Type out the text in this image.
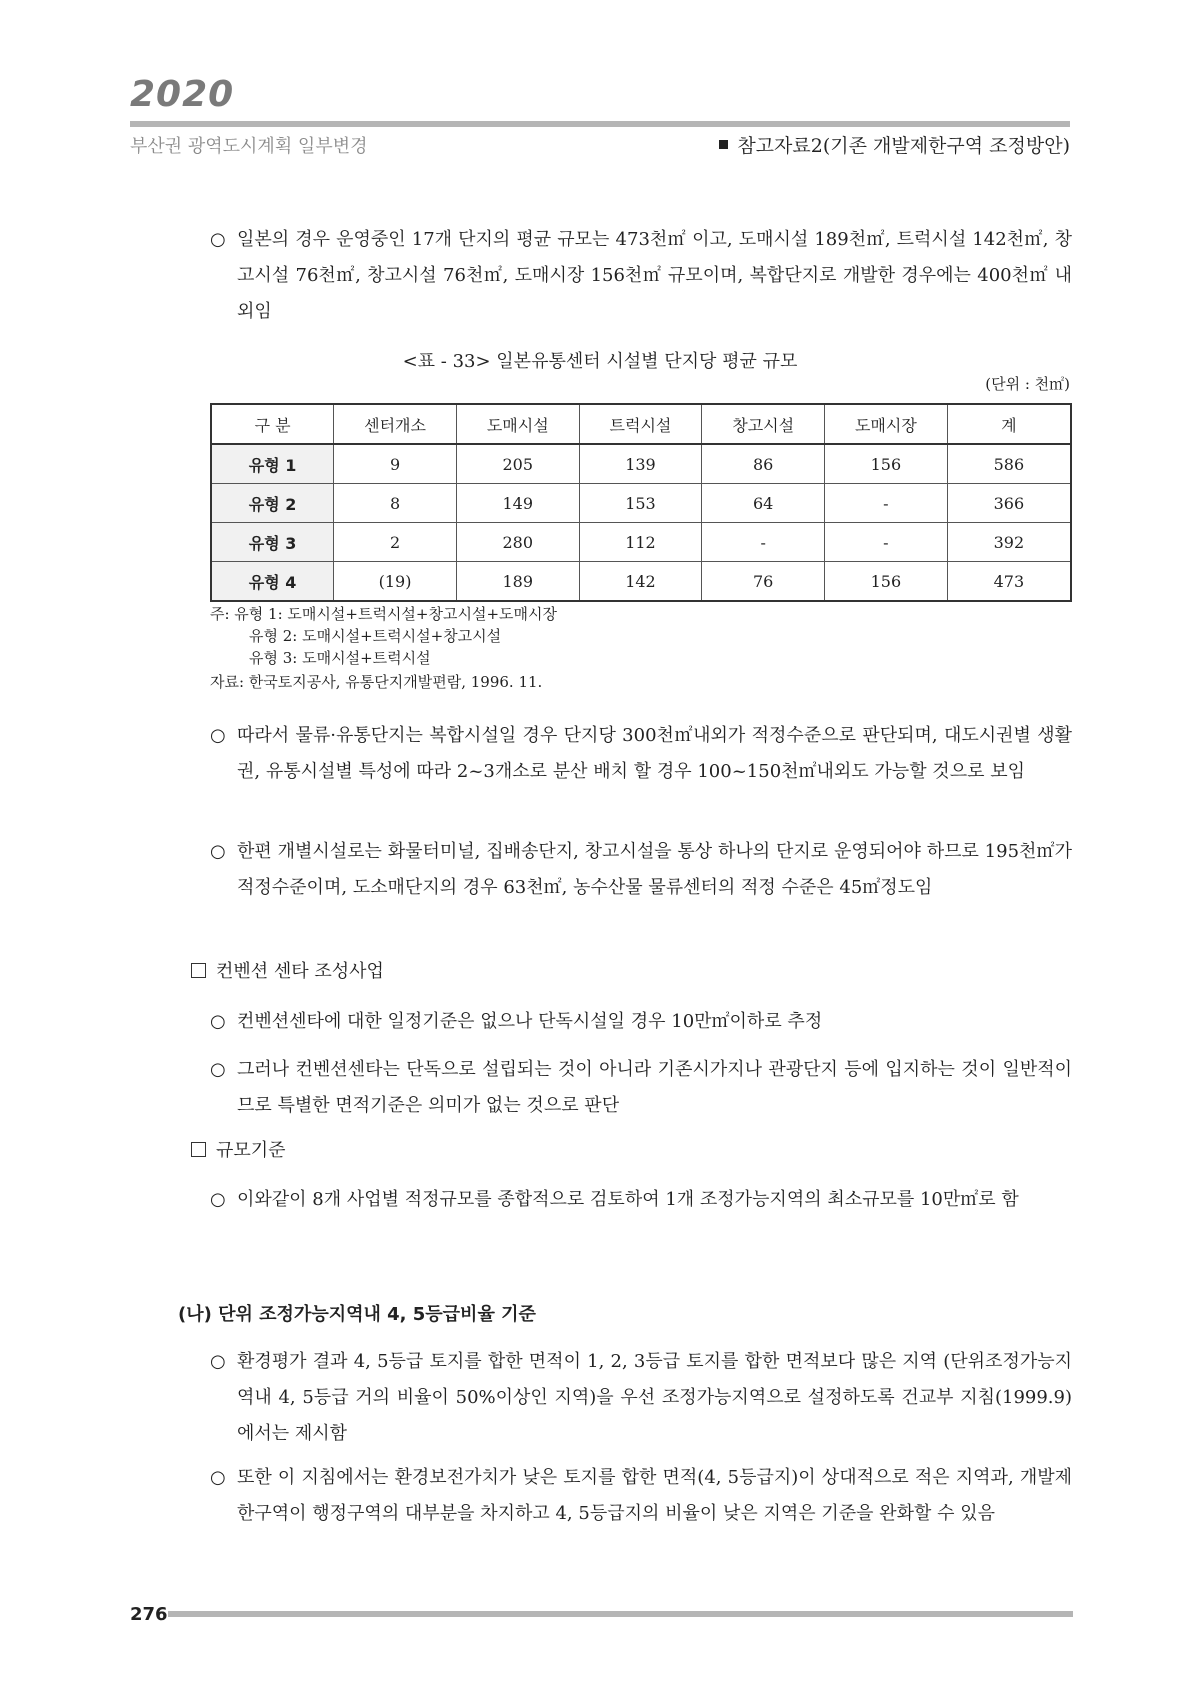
2020
부산권 광역도시계획 일부변경	참고자료2(기존 개발제한구역 조정방안)
○ 일본의 경우 운영중인 17개 단지의 평균 규모는 473천㎡ 이고, 도매시설 189천㎡, 트럭시설 142천㎡, 창고시설 76천㎡, 창고시설 76천㎡, 도매시장 156천㎡ 규모이며, 복합단지로 개발한 경우에는 400천㎡ 내외임
<표 - 33> 일본유통센터 시설별 단지당 평균 규모
(단위 : 천㎡)
구 분	센터개소	도매시설	트럭시설	창고시설	도매시장	계
유형 1	9	205	139	86	156	586
유형 2	8	149	153	64	-	366
유형 3	2	280	112	-	-	392
유형 4	(19)	189	142	76	156	473
주: 유형 1: 도매시설+트럭시설+창고시설+도매시장
유형 2: 도매시설+트럭시설+창고시설
유형 3: 도매시설+트럭시설
자료: 한국토지공사, 유통단지개발편람, 1996. 11.
○ 따라서 물류·유통단지는 복합시설일 경우 단지당 300천㎡내외가 적정수준으로 판단되며, 대도시권별 생활권, 유통시설별 특성에 따라 2~3개소로 분산 배치 할 경우 100~150천㎡내외도 가능할 것으로 보임
○ 한편 개별시설로는 화물터미널, 집배송단지, 창고시설을 통상 하나의 단지로 운영되어야 하므로 195천㎡가 적정수준이며, 도소매단지의 경우 63천㎡, 농수산물 물류센터의 적정 수준은 45㎡정도임
컨벤션 센타 조성사업
○ 컨벤션센타에 대한 일정기준은 없으나 단독시설일 경우 10만㎡이하로 추정
○ 그러나 컨벤션센타는 단독으로 설립되는 것이 아니라 기존시가지나 관광단지 등에 입지하는 것이 일반적이므로 특별한 면적기준은 의미가 없는 것으로 판단
규모기준
○ 이와같이 8개 사업별 적정규모를 종합적으로 검토하여 1개 조정가능지역의 최소규모를 10만㎡로 함
(나) 단위 조정가능지역내 4, 5등급비율 기준
○ 환경평가 결과 4, 5등급 토지를 합한 면적이 1, 2, 3등급 토지를 합한 면적보다 많은 지역 (단위조정가능지역내 4, 5등급 거의 비율이 50%이상인 지역)을 우선 조정가능지역으로 설정하도록 건교부 지침(1999.9)에서는 제시함
○ 또한 이 지침에서는 환경보전가치가 낮은 토지를 합한 면적(4, 5등급지)이 상대적으로 적은 지역과, 개발제한구역이 행정구역의 대부분을 차지하고 4, 5등급지의 비율이 낮은 지역은 기준을 완화할 수 있음
276
